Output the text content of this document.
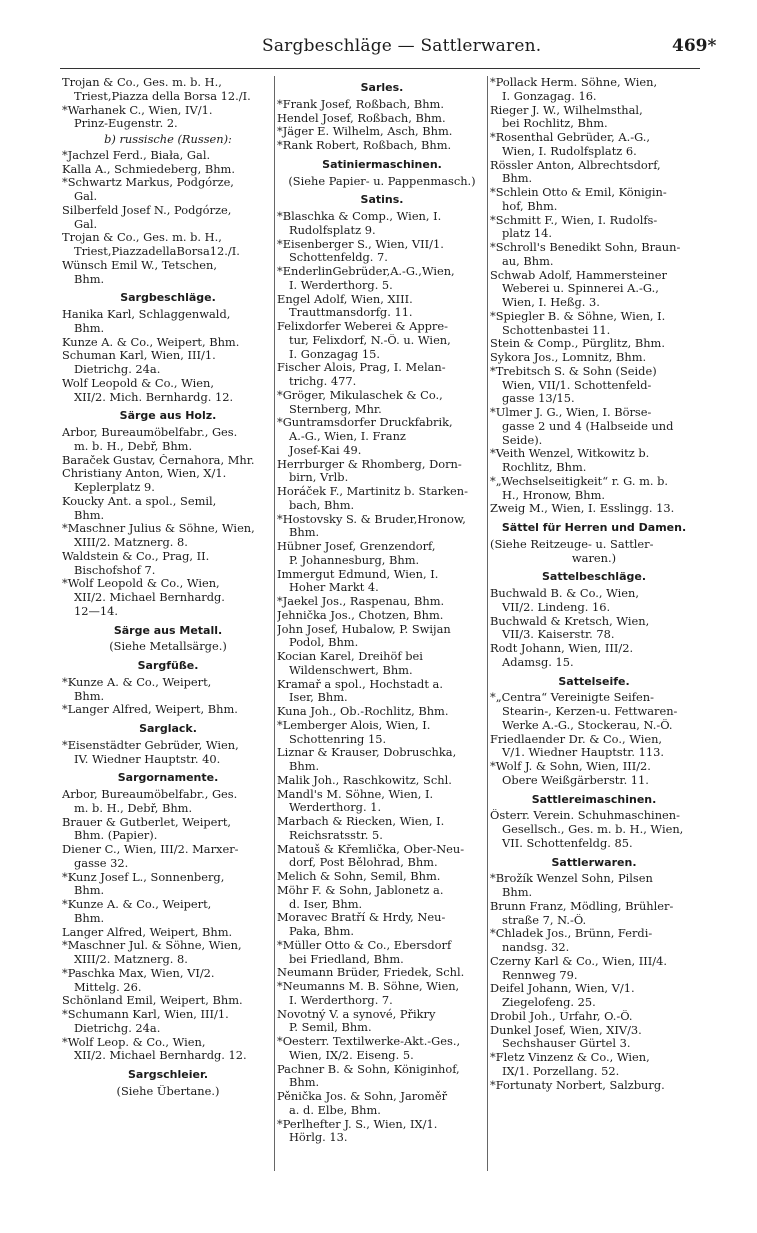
Sargbeschläge — Sattlerwaren.	469*
Trojan & Co., Ges. m. b. H.,
Triest,Piazza della Borsa 12./I.
*Warhanek C., Wien, IV/1.
Prinz-Eugenstr. 2.
b) russische (Russen):
*Jachzel Ferd., Biała, Gal.
Kalla A., Schmiedeberg, Bhm.
*Schwartz Markus, Podgórze,
Gal.
Silberfeld Josef N., Podgórze,
Gal.
Trojan & Co., Ges. m. b. H.,
Triest,PiazzadellaBorsa12./I.
Wünsch Emil W., Tetschen,
Bhm.
Sargbeschläge.
Hanika Karl, Schlaggenwald,
Bhm.
Kunze A. & Co., Weipert, Bhm.
Schuman Karl, Wien, III/1.
Dietrichg. 24a.
Wolf Leopold & Co., Wien,
XII/2. Mich. Bernhardg. 12.
Särge aus Holz.
Arbor, Bureaumöbelfabr., Ges.
m. b. H., Debř, Bhm.
Baraček Gustav, Černahora, Mhr.
Christiany Anton, Wien, X/1.
Keplerplatz 9.
Koucky Ant. a spol., Semil,
Bhm.
*Maschner Julius & Söhne, Wien,
XIII/2. Matznerg. 8.
Waldstein & Co., Prag, II.
Bischofshof 7.
*Wolf Leopold & Co., Wien,
XII/2. Michael Bernhardg.
12—14.
Särge aus Metall.
(Siehe Metallsärge.)
Sargfüße.
*Kunze A. & Co., Weipert,
Bhm.
*Langer Alfred, Weipert, Bhm.
Sarglack.
*Eisenstädter Gebrüder, Wien,
IV. Wiedner Hauptstr. 40.
Sargornamente.
Arbor, Bureaumöbelfabr., Ges.
m. b. H., Debř, Bhm.
Brauer & Gutberlet, Weipert,
Bhm. (Papier).
Diener C., Wien, III/2. Marxer-
gasse 32.
*Kunz Josef L., Sonnenberg,
Bhm.
*Kunze A. & Co., Weipert,
Bhm.
Langer Alfred, Weipert, Bhm.
*Maschner Jul. & Söhne, Wien,
XIII/2. Matznerg. 8.
*Paschka Max, Wien, VI/2.
Mittelg. 26.
Schönland Emil, Weipert, Bhm.
*Schumann Karl, Wien, III/1.
Dietrichg. 24a.
*Wolf Leop. & Co., Wien,
XII/2. Michael Bernhardg. 12.
Sargschleier.
(Siehe Übertane.)
Sarles.
*Frank Josef, Roßbach, Bhm.
Hendel Josef, Roßbach, Bhm.
*Jäger E. Wilhelm, Asch, Bhm.
*Rank Robert, Roßbach, Bhm.
Satiniermaschinen.
(Siehe Papier- u. Pappenmasch.)
Satins.
*Blaschka & Comp., Wien, I.
Rudolfsplatz 9.
*Eisenberger S., Wien, VII/1.
Schottenfeldg. 7.
*EnderlinGebrüder,A.-G.,Wien,
I. Werderthorg. 5.
Engel Adolf, Wien, XIII.
Trauttmansdorfg. 11.
Felixdorfer Weberei & Appre-
tur, Felixdorf, N.-Ö. u. Wien,
I. Gonzagag 15.
Fischer Alois, Prag, I. Melan-
trichg. 477.
*Gröger, Mikulaschek & Co.,
Sternberg, Mhr.
*Guntramsdorfer Druckfabrik,
A.-G., Wien, I. Franz
Josef-Kai 49.
Herrburger & Rhomberg, Dorn-
birn, Vrlb.
Horáček F., Martinitz b. Starken-
bach, Bhm.
*Hostovsky S. & Bruder,Hronow,
Bhm.
Hübner Josef, Grenzendorf,
P. Johannesburg, Bhm.
Immergut Edmund, Wien, I.
Hoher Markt 4.
*Jaekel Jos., Raspenau, Bhm.
Jehnička Jos., Chotzen, Bhm.
John Josef, Hubalow, P. Swijan
Podol, Bhm.
Kocian Karel, Dreihöf bei
Wildenschwert, Bhm.
Kramař a spol., Hochstadt a.
Iser, Bhm.
Kuna Joh., Ob.-Rochlitz, Bhm.
*Lemberger Alois, Wien, I.
Schottenring 15.
Liznar & Krauser, Dobruschka,
Bhm.
Malik Joh., Raschkowitz, Schl.
Mandl's M. Söhne, Wien, I.
Werderthorg. 1.
Marbach & Riecken, Wien, I.
Reichsratsstr. 5.
Matouš & Křemlička, Ober-Neu-
dorf, Post Bělohrad, Bhm.
Melich & Sohn, Semil, Bhm.
Möhr F. & Sohn, Jablonetz a.
d. Iser, Bhm.
Moravec Bratří & Hrdy, Neu-
Paka, Bhm.
*Müller Otto & Co., Ebersdorf
bei Friedland, Bhm.
Neumann Brüder, Friedek, Schl.
*Neumanns M. B. Söhne, Wien,
I. Werderthorg. 7.
Novotný V. a synové, Přikry
P. Semil, Bhm.
*Oesterr. Textilwerke-Akt.-Ges.,
Wien, IX/2. Eiseng. 5.
Pachner B. & Sohn, Königinhof,
Bhm.
Pěnička Jos. & Sohn, Jaroměř
a. d. Elbe, Bhm.
*Perlhefter J. S., Wien, IX/1.
Hörlg. 13.
*Pollack Herm. Söhne, Wien,
I. Gonzagag. 16.
Rieger J. W., Wilhelmsthal,
bei Rochlitz, Bhm.
*Rosenthal Gebrüder, A.-G.,
Wien, I. Rudolfsplatz 6.
Rössler Anton, Albrechtsdorf,
Bhm.
*Schlein Otto & Emil, Königin-
hof, Bhm.
*Schmitt F., Wien, I. Rudolfs-
platz 14.
*Schroll's Benedikt Sohn, Braun-
au, Bhm.
Schwab Adolf, Hammersteiner
Weberei u. Spinnerei A.-G.,
Wien, I. Heßg. 3.
*Spiegler B. & Söhne, Wien, I.
Schottenbastei 11.
Stein & Comp., Pürglitz, Bhm.
Sykora Jos., Lomnitz, Bhm.
*Trebitsch S. & Sohn (Seide)
Wien, VII/1. Schottenfeld-
gasse 13/15.
*Ulmer J. G., Wien, I. Börse-
gasse 2 und 4 (Halbseide und
Seide).
*Veith Wenzel, Witkowitz b.
Rochlitz, Bhm.
*„Wechselseitigkeit“ r. G. m. b.
H., Hronow, Bhm.
Zweig M., Wien, I. Esslingg. 13.
Sättel für Herren und Damen.
(Siehe Reitzeuge- u. Sattler-
waren.)
Sattelbeschläge.
Buchwald B. & Co., Wien,
VII/2. Lindeng. 16.
Buchwald & Kretsch, Wien,
VII/3. Kaiserstr. 78.
Rodt Johann, Wien, III/2.
Adamsg. 15.
Sattelseife.
*„Centra“ Vereinigte Seifen-
Stearin-, Kerzen-u. Fettwaren-
Werke A.-G., Stockerau, N.-Ö.
Friedlaender Dr. & Co., Wien,
V/1. Wiedner Hauptstr. 113.
*Wolf J. & Sohn, Wien, III/2.
Obere Weißgärberstr. 11.
Sattlereimaschinen.
Österr. Verein. Schuhmaschinen-
Gesellsch., Ges. m. b. H., Wien,
VII. Schottenfeldg. 85.
Sattlerwaren.
*Brožík Wenzel Sohn, Pilsen
Bhm.
Brunn Franz, Mödling, Brühler-
straße 7, N.-Ö.
*Chladek Jos., Brünn, Ferdi-
nandsg. 32.
Czerny Karl & Co., Wien, III/4.
Rennweg 79.
Deifel Johann, Wien, V/1.
Ziegelofeng. 25.
Drobil Joh., Urfahr, O.-Ö.
Dunkel Josef, Wien, XIV/3.
Sechshauser Gürtel 3.
*Fletz Vinzenz & Co., Wien,
IX/1. Porzellang. 52.
*Fortunaty Norbert, Salzburg.
